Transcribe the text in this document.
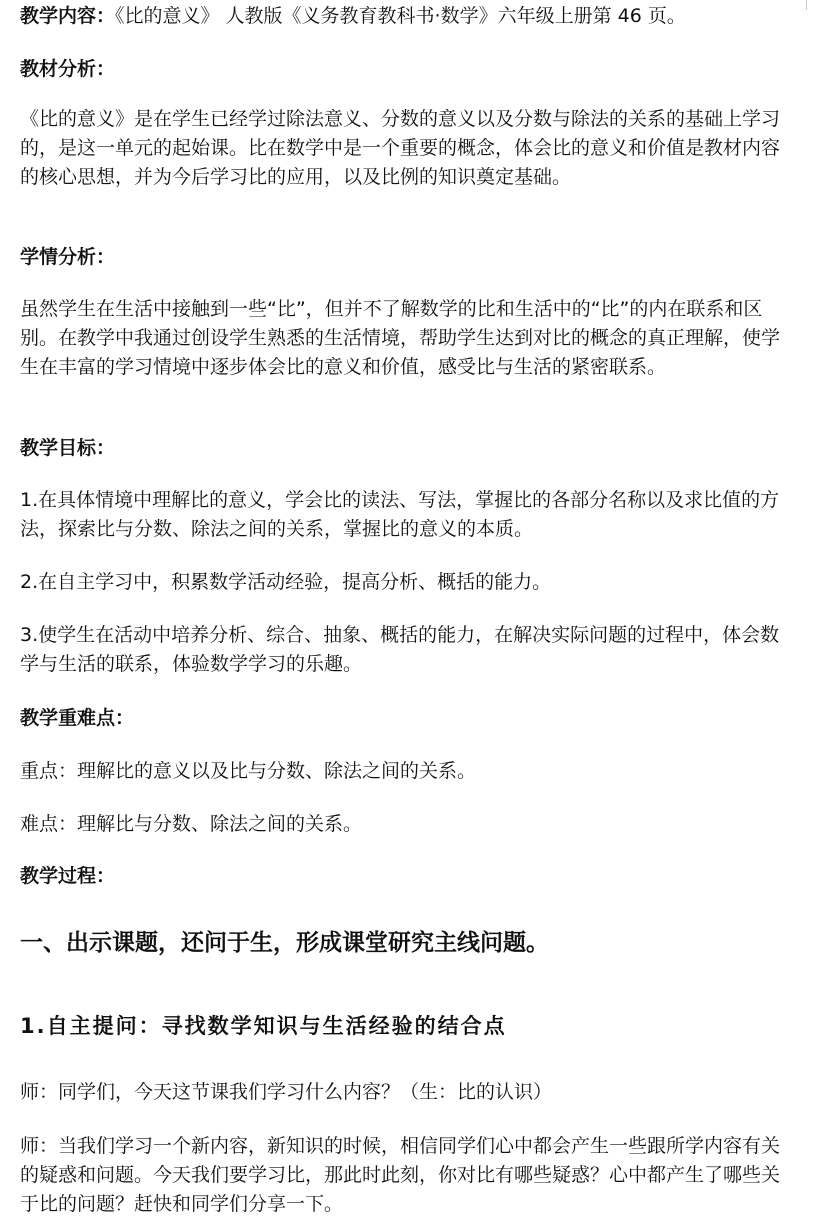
教学内容：《比的意义》 人教版《义务教育教科书·数学》六年级上册第 46 页。
教材分析：
《比的意义》是在学生已经学过除法意义、分数的意义以及分数与除法的关系的基础上学习的，是这一单元的起始课。比在数学中是一个重要的概念，体会比的意义和价值是教材内容的核心思想，并为今后学习比的应用，以及比例的知识奠定基础。
学情分析：
虽然学生在生活中接触到一些“比”，但并不了解数学的比和生活中的“比”的内在联系和区别。在教学中我通过创设学生熟悉的生活情境，帮助学生达到对比的概念的真正理解，使学生在丰富的学习情境中逐步体会比的意义和价值，感受比与生活的紧密联系。
教学目标：
1.在具体情境中理解比的意义，学会比的读法、写法，掌握比的各部分名称以及求比值的方法，探索比与分数、除法之间的关系，掌握比的意义的本质。
2.在自主学习中，积累数学活动经验，提高分析、概括的能力。
3.使学生在活动中培养分析、综合、抽象、概括的能力，在解决实际问题的过程中，体会数学与生活的联系，体验数学学习的乐趣。
教学重难点：
重点：理解比的意义以及比与分数、除法之间的关系。
难点：理解比与分数、除法之间的关系。
教学过程：
一、出示课题，还问于生，形成课堂研究主线问题。
1.自主提问：寻找数学知识与生活经验的结合点
师：同学们，今天这节课我们学习什么内容？（生：比的认识）
师：当我们学习一个新内容，新知识的时候，相信同学们心中都会产生一些跟所学内容有关的疑惑和问题。今天我们要学习比，那此时此刻，你对比有哪些疑惑？心中都产生了哪些关于比的问题？赶快和同学们分享一下。
